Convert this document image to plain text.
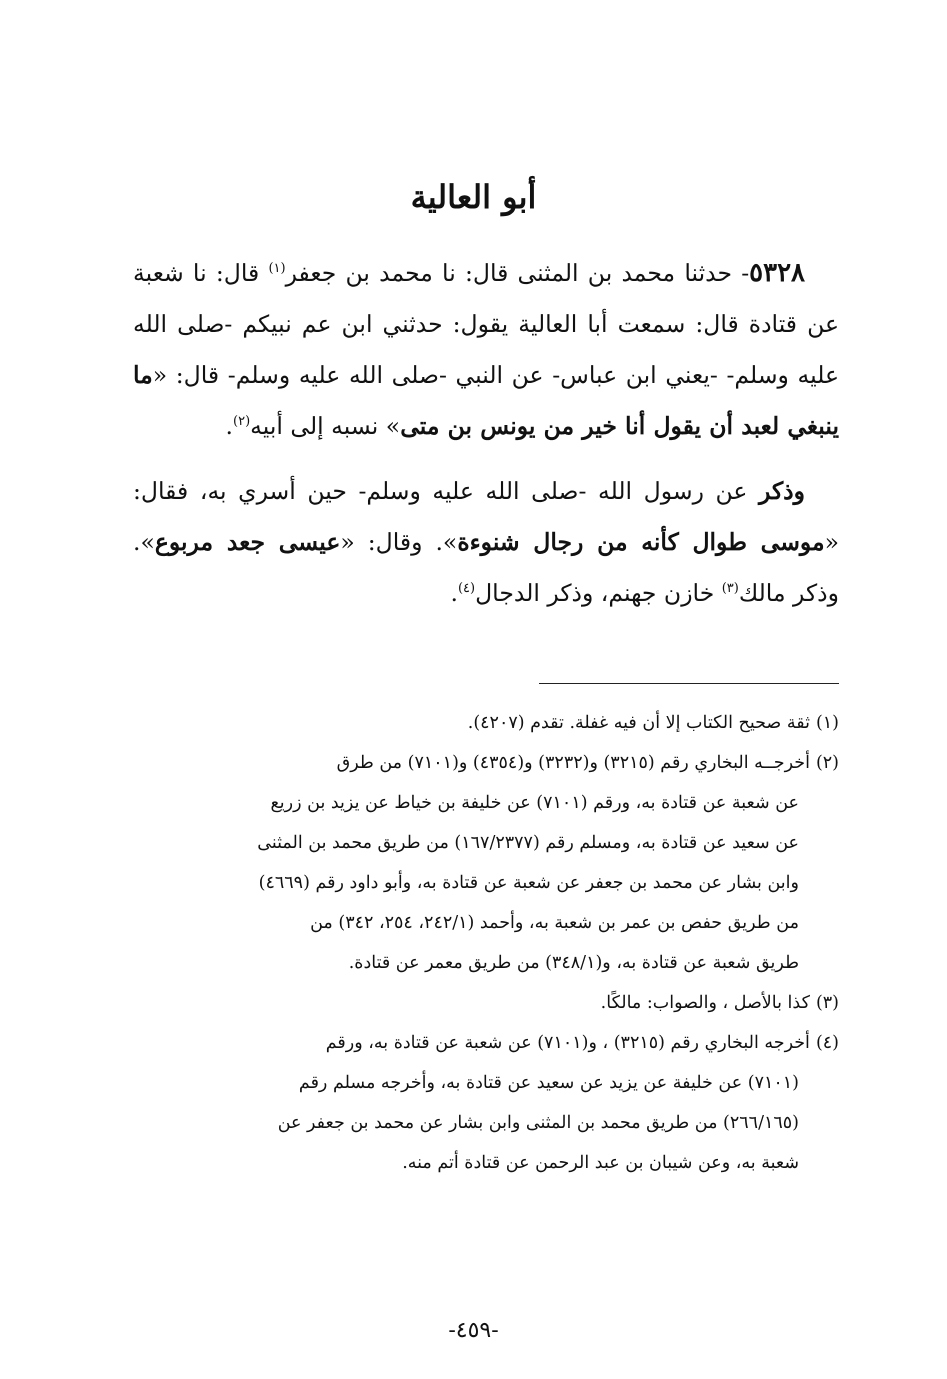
أبو العالية

٥٣٢٨- حدثنا محمد بن المثنى قال: نا محمد بن جعفر$^{(١)}$ قال: نا شعبة عن قتادة قال: سمعت أبا العالية يقول: حدثني ابن عم نبيكم -صلى الله عليه وسلم- -يعني ابن عباس- عن النبي -صلى الله عليه وسلم- قال: «ما ينبغي لعبد أن يقول أنا خير من يونس بن متى» نسبه إلى أبيه$^{(٢)}$.

وذكر عن رسول الله -صلى الله عليه وسلم- حين أسري به، فقال: «موسى طوال كأنه من رجال شنوءة». وقال: «عيسى جعد مربوع». وذكر مالك$^{(٣)}$ خازن جهنم، وذكر الدجال$^{(٤)}$.

(١)ثقة صحيح الكتاب إلا أن فيه غفلة. تقدم (٤٢٠٧).
(٢)أخرجــه البخاري رقم (٣٢١٥) و(٣٢٣٢) و(٤٣٥٤) و(٧١٠١) من طرق
عن شعبة عن قتادة به، ورقم (٧١٠١) عن خليفة بن خياط عن يزيد بن زريع
عن سعيد عن قتادة به، ومسلم رقم (١٦٧/٢٣٧٧) من طريق محمد بن المثنى
وابن بشار عن محمد بن جعفر عن شعبة عن قتادة به، وأبو داود رقم (٤٦٦٩)
من طريق حفص بن عمر بن شعبة به، وأحمد (٢٤٢/١، ٢٥٤، ٣٤٢) من
طريق شعبة عن قتادة به، و(٣٤٨/١) من طريق معمر عن قتادة.
(٣)كذا بالأصل ، والصواب: مالكًا.
(٤)أخرجه البخاري رقم (٣٢١٥) ، و(٧١٠١) عن شعبة عن قتادة به، ورقم
(٧١٠١) عن خليفة عن يزيد عن سعيد عن قتادة به، وأخرجه مسلم رقم
(٢٦٦/١٦٥) من طريق محمد بن المثنى وابن بشار عن محمد بن جعفر عن
شعبة به، وعن شيبان بن عبد الرحمن عن قتادة أتم منه.
-٤٥٩-
